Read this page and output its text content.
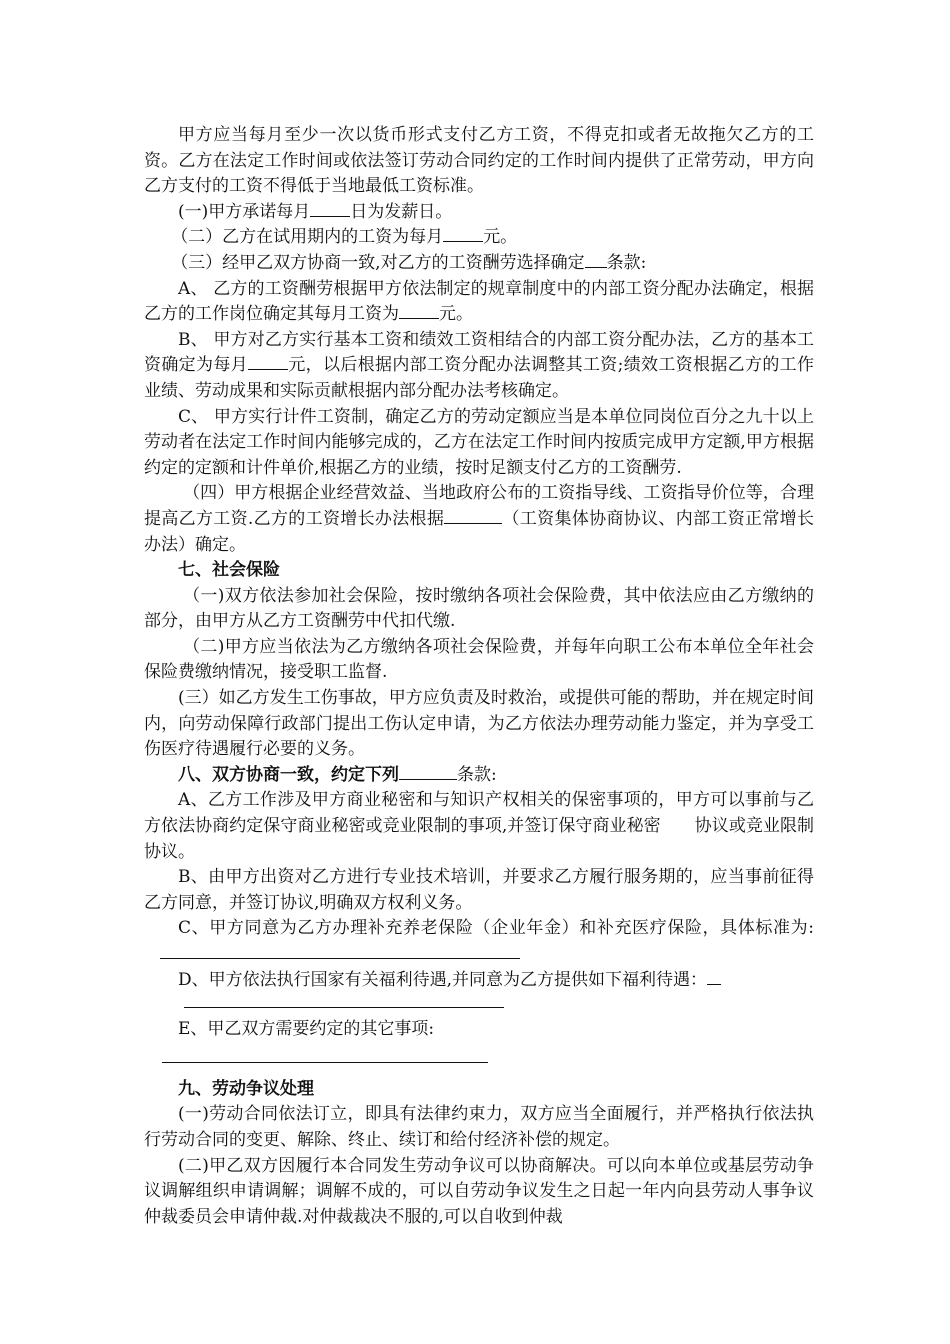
甲方应当每月至少一次以货币形式支付乙方工资，不得克扣或者无故拖欠乙方的工资。乙方在法定工作时间或依法签订劳动合同约定的工作时间内提供了正常劳动，甲方向乙方支付的工资不得低于当地最低工资标准。

(一)甲方承诺每月 日为发薪日。

（二）乙方在试用期内的工资为每月 元。

（三）经甲乙双方协商一致,对乙方的工资酬劳选择确定 条款:

A、 乙方的工资酬劳根据甲方依法制定的规章制度中的内部工资分配办法确定，根据乙方的工作岗位确定其每月工资为 元。

B、 甲方对乙方实行基本工资和绩效工资相结合的内部工资分配办法，乙方的基本工资确定为每月 元，以后根据内部工资分配办法调整其工资;绩效工资根据乙方的工作业绩、劳动成果和实际贡献根据内部分配办法考核确定。

C、 甲方实行计件工资制，确定乙方的劳动定额应当是本单位同岗位百分之九十以上劳动者在法定工作时间内能够完成的，乙方在法定工作时间内按质完成甲方定额,甲方根据约定的定额和计件单价,根据乙方的业绩，按时足额支付乙方的工资酬劳.

（四）甲方根据企业经营效益、当地政府公布的工资指导线、工资指导价位等，合理提高乙方工资.乙方的工资增长办法根据	（工资集体协商协议、内部工资正常增长办法）确定。

七、社会保险

（一)双方依法参加社会保险，按时缴纳各项社会保险费，其中依法应由乙方缴纳的部分，由甲方从乙方工资酬劳中代扣代缴.

（二)甲方应当依法为乙方缴纳各项社会保险费，并每年向职工公布本单位全年社会保险费缴纳情况，接受职工监督.

(三）如乙方发生工伤事故，甲方应负责及时救治，或提供可能的帮助，并在规定时间内，向劳动保障行政部门提出工伤认定申请，为乙方依法办理劳动能力鉴定，并为享受工伤医疗待遇履行必要的义务。

八、双方协商一致，约定下列	条款:

A、乙方工作涉及甲方商业秘密和与知识产权相关的保密事项的，甲方可以事前与乙方依法协商约定保守商业秘密或竞业限制的事项,并签订保守商业秘密　　协议或竞业限制协议。

B、由甲方出资对乙方进行专业技术培训，并要求乙方履行服务期的，应当事前征得乙方同意，并签订协议,明确双方权利义务。

C、甲方同意为乙方办理补充养老保险（企业年金）和补充医疗保险，具体标准为:

D、甲方依法执行国家有关福利待遇,并同意为乙方提供如下福利待遇：

E、甲乙双方需要约定的其它事项:

九、劳动争议处理

(一)劳动合同依法订立，即具有法律约束力，双方应当全面履行，并严格执行依法执行劳动合同的变更、解除、终止、续订和给付经济补偿的规定。

(二)甲乙双方因履行本合同发生劳动争议可以协商解决。可以向本单位或基层劳动争议调解组织申请调解；调解不成的，可以自劳动争议发生之日起一年内向县劳动人事争议仲裁委员会申请仲裁.对仲裁裁决不服的,可以自收到仲裁
